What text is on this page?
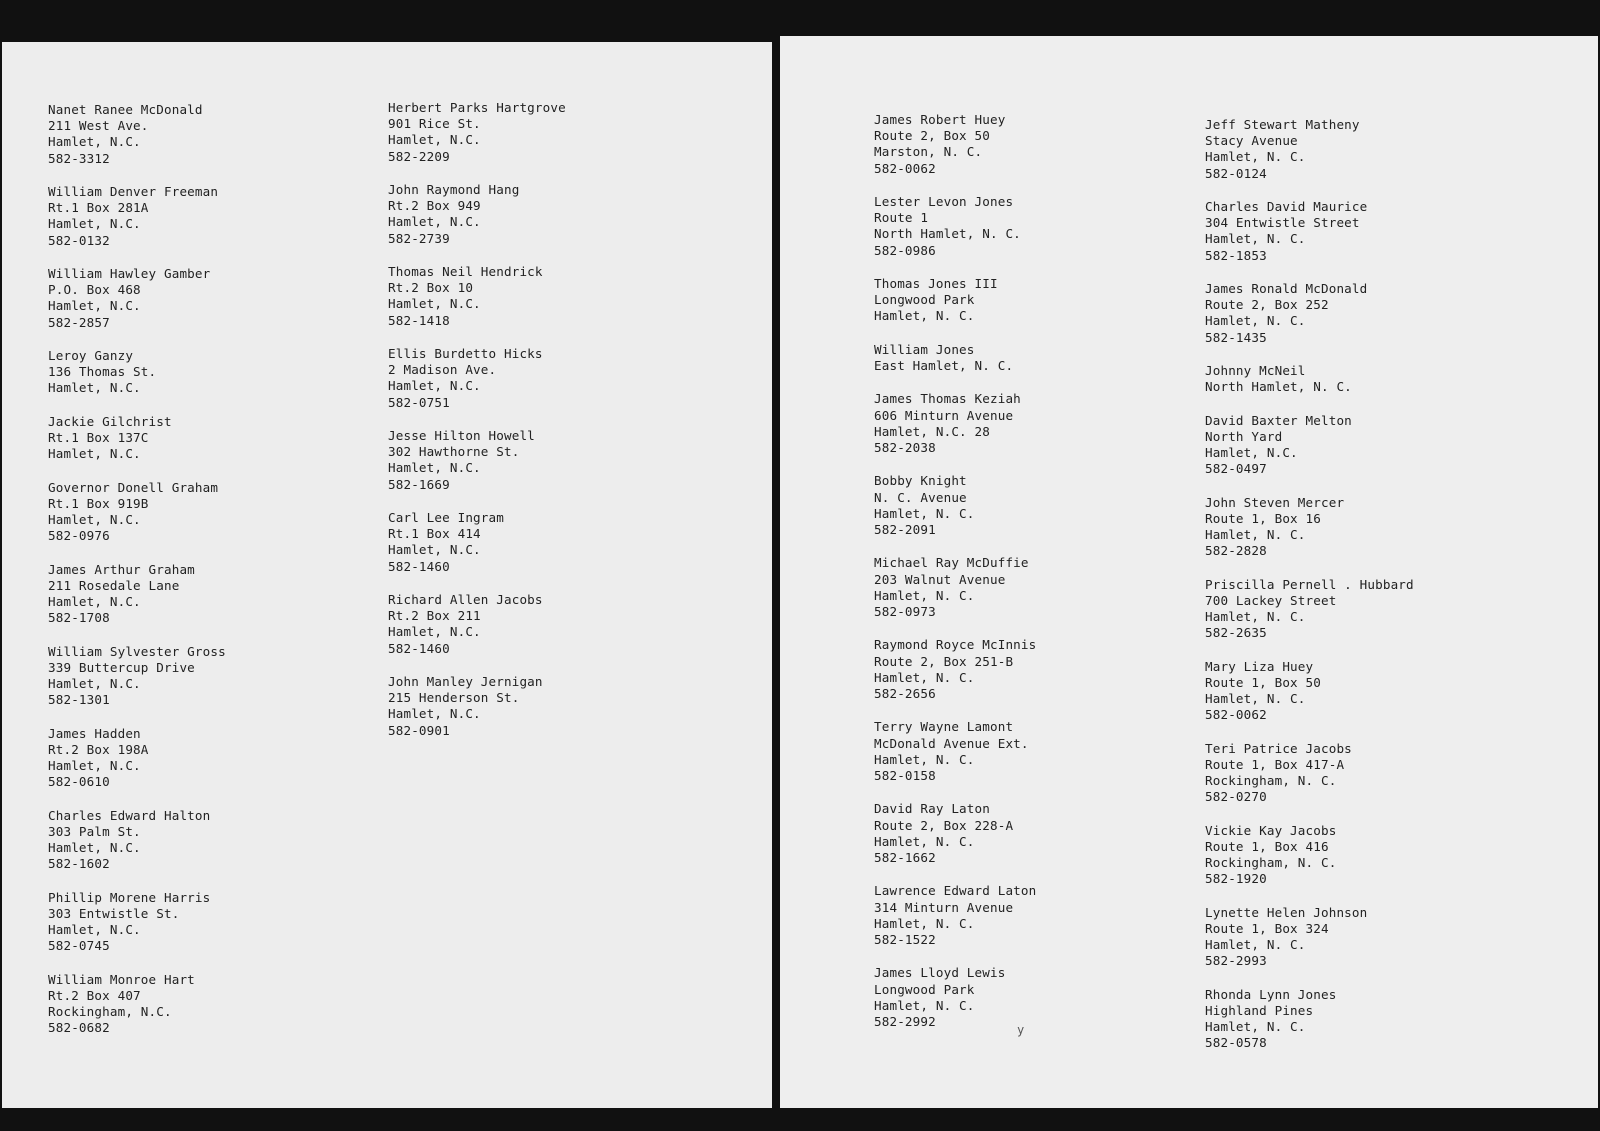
Nanet Ranee McDonald
211 West Ave.
Hamlet, N.C.
582-3312
William Denver Freeman
Rt.1 Box 281A
Hamlet, N.C.
582-0132
William Hawley Gamber
P.O. Box 468
Hamlet, N.C.
582-2857
Leroy Ganzy
136 Thomas St.
Hamlet, N.C.
Jackie Gilchrist
Rt.1 Box 137C
Hamlet, N.C.
Governor Donell Graham
Rt.1 Box 919B
Hamlet, N.C.
582-0976
James Arthur Graham
211 Rosedale Lane
Hamlet, N.C.
582-1708
William Sylvester Gross
339 Buttercup Drive
Hamlet, N.C.
582-1301
James Hadden
Rt.2 Box 198A
Hamlet, N.C.
582-0610
Charles Edward Halton
303 Palm St.
Hamlet, N.C.
582-1602
Phillip Morene Harris
303 Entwistle St.
Hamlet, N.C.
582-0745
William Monroe Hart
Rt.2 Box 407
Rockingham, N.C.
582-0682
Herbert Parks Hartgrove
901 Rice St.
Hamlet, N.C.
582-2209
John Raymond Hang
Rt.2 Box 949
Hamlet, N.C.
582-2739
Thomas Neil Hendrick
Rt.2 Box 10
Hamlet, N.C.
582-1418
Ellis Burdetto Hicks
2 Madison Ave.
Hamlet, N.C.
582-0751
Jesse Hilton Howell
302 Hawthorne St.
Hamlet, N.C.
582-1669
Carl Lee Ingram
Rt.1 Box 414
Hamlet, N.C.
582-1460
Richard Allen Jacobs
Rt.2 Box 211
Hamlet, N.C.
582-1460
John Manley Jernigan
215 Henderson St.
Hamlet, N.C.
582-0901
James Robert Huey
Route 2, Box 50
Marston, N. C.
582-0062
Lester Levon Jones
Route 1
North Hamlet, N. C.
582-0986
Thomas Jones III
Longwood Park
Hamlet, N. C.
William Jones
East Hamlet, N. C.
James Thomas Keziah
606 Minturn Avenue
Hamlet, N.C. 28
582-2038
Bobby Knight
N. C. Avenue
Hamlet, N. C.
582-2091
Michael Ray McDuffie
203 Walnut Avenue
Hamlet, N. C.
582-0973
Raymond Royce McInnis
Route 2, Box 251-B
Hamlet, N. C.
582-2656
Terry Wayne Lamont
McDonald Avenue Ext.
Hamlet, N. C.
582-0158
David Ray Laton
Route 2, Box 228-A
Hamlet, N. C.
582-1662
Lawrence Edward Laton
314 Minturn Avenue
Hamlet, N. C.
582-1522
James Lloyd Lewis
Longwood Park
Hamlet, N. C.
582-2992
Jeff Stewart Matheny
Stacy Avenue
Hamlet, N. C.
582-0124
Charles David Maurice
304 Entwistle Street
Hamlet, N. C.
582-1853
James Ronald McDonald
Route 2, Box 252
Hamlet, N. C.
582-1435
Johnny McNeil
North Hamlet, N. C.
David Baxter Melton
North Yard
Hamlet, N.C.
582-0497
John Steven Mercer
Route 1, Box 16
Hamlet, N. C.
582-2828
Priscilla Pernell . Hubbard
700 Lackey Street
Hamlet, N. C.
582-2635
Mary Liza Huey
Route 1, Box 50
Hamlet, N. C.
582-0062
Teri Patrice Jacobs
Route 1, Box 417-A
Rockingham, N. C.
582-0270
Vickie Kay Jacobs
Route 1, Box 416
Rockingham, N. C.
582-1920
Lynette Helen Johnson
Route 1, Box 324
Hamlet, N. C.
582-2993
Rhonda Lynn Jones
Highland Pines
Hamlet, N. C.
582-0578
y
